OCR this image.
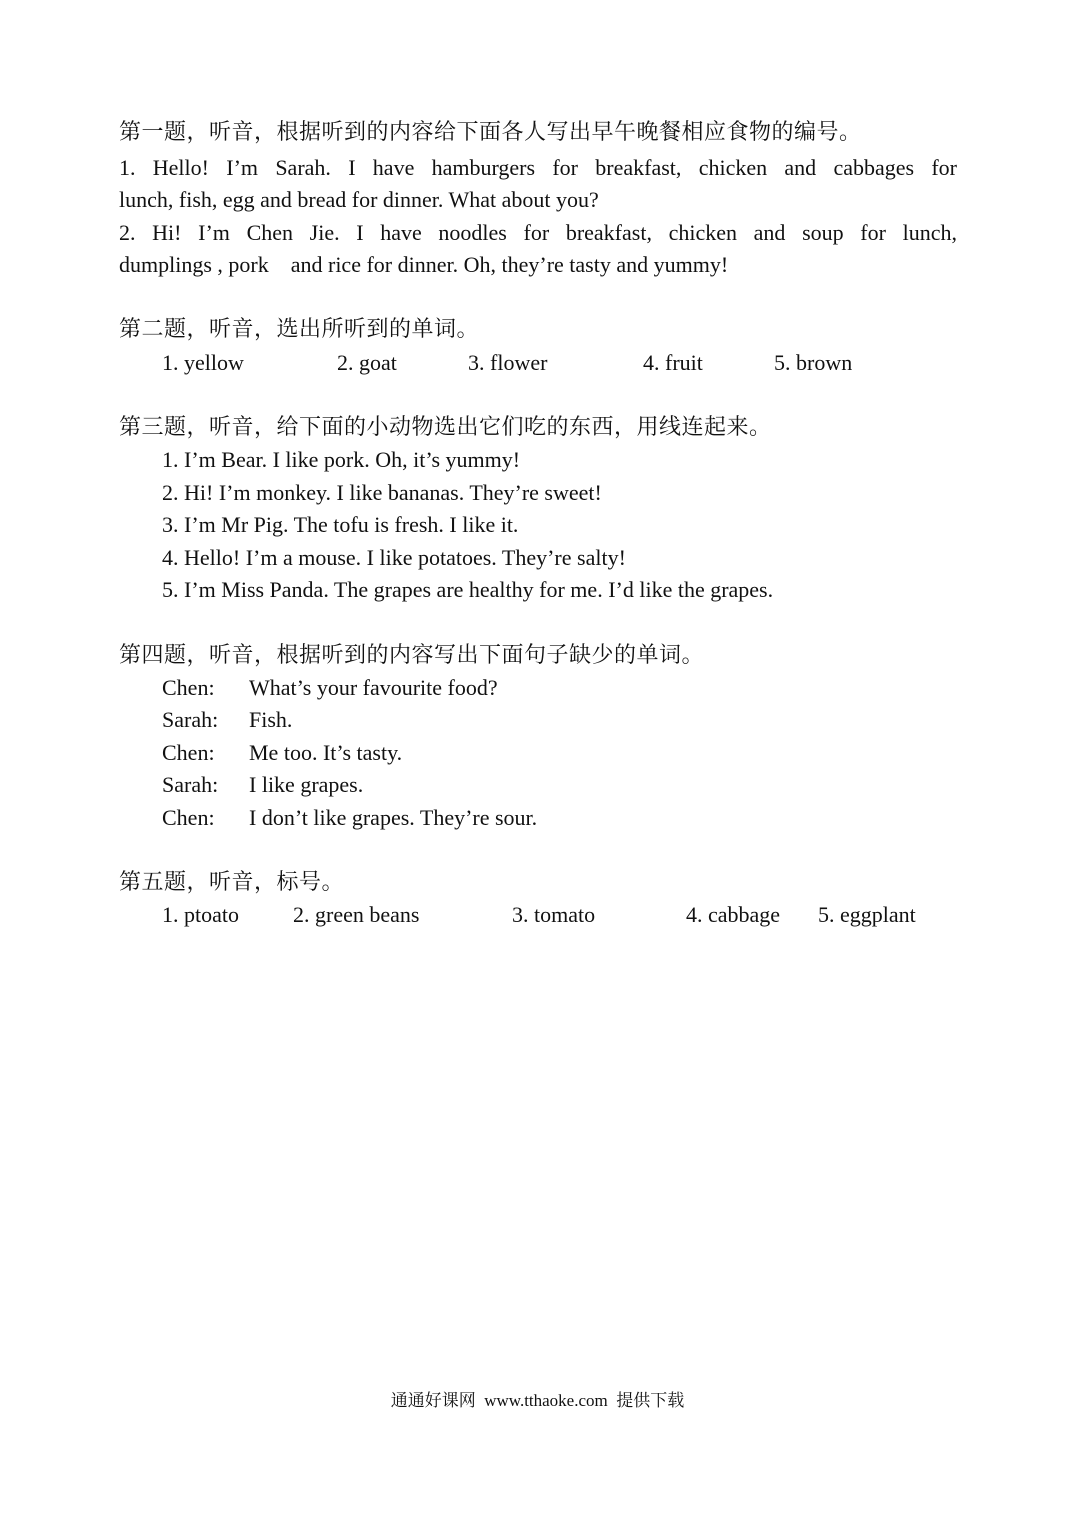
第一题，听音，根据听到的内容给下面各人写出早午晚餐相应食物的编号。
1. Hello! I’m Sarah. I have hamburgers for breakfast, chicken and cabbages for
lunch, fish, egg and bread for dinner. What about you?
2. Hi! I’m Chen Jie. I have noodles for breakfast, chicken and soup for lunch,
dumplings , pork    and rice for dinner. Oh, they’re tasty and yummy!
第二题，听音，选出所听到的单词。
1. yellow	2. goat	3. flower	4. fruit	5. brown
第三题，听音，给下面的小动物选出它们吃的东西，用线连起来。
1. I’m Bear. I like pork. Oh, it’s yummy!
2. Hi! I’m monkey. I like bananas. They’re sweet!
3. I’m Mr Pig. The tofu is fresh. I like it.
4. Hello! I’m a mouse. I like potatoes. They’re salty!
5. I’m Miss Panda. The grapes are healthy for me. I’d like the grapes.
第四题，听音，根据听到的内容写出下面句子缺少的单词。
Chen: What’s your favourite food?
Sarah: Fish.
Chen: Me too. It’s tasty.
Sarah: I like grapes.
Chen: I don’t like grapes. They’re sour.
第五题，听音，标号。
1. ptoato 2. green beans	3. tomato	4. cabbage 5. eggplant
通通好课网  www.tthaoke.com  提供下载
